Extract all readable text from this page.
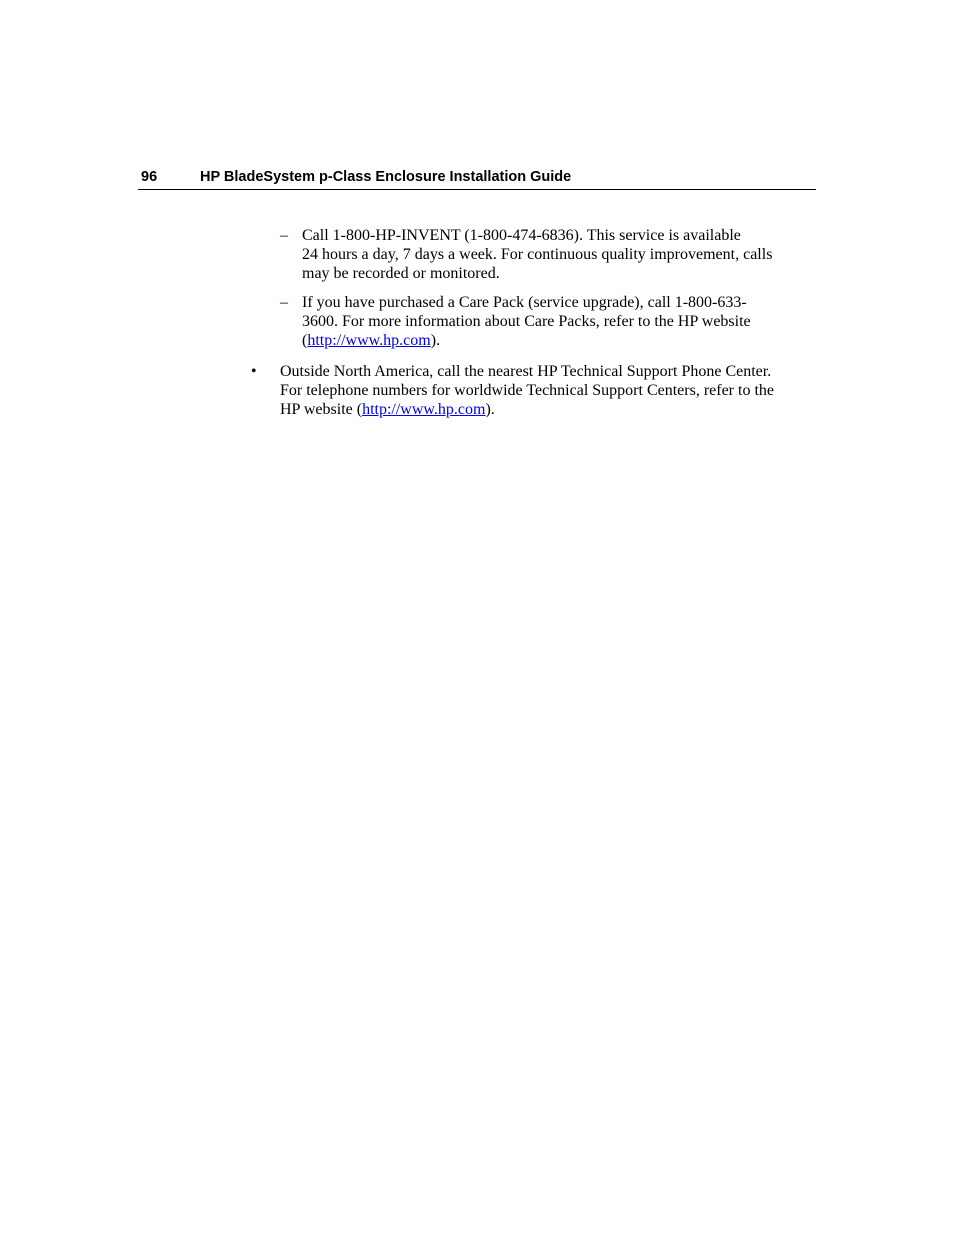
96	HP BladeSystem p-Class Enclosure Installation Guide
– Call 1-800-HP-INVENT (1-800-474-6836). This service is available
24 hours a day, 7 days a week. For continuous quality improvement, calls
may be recorded or monitored.
– If you have purchased a Care Pack (service upgrade), call 1-800-633-
3600. For more information about Care Packs, refer to the HP website
(http://www.hp.com).
• Outside North America, call the nearest HP Technical Support Phone Center.
For telephone numbers for worldwide Technical Support Centers, refer to the
HP website (http://www.hp.com).
